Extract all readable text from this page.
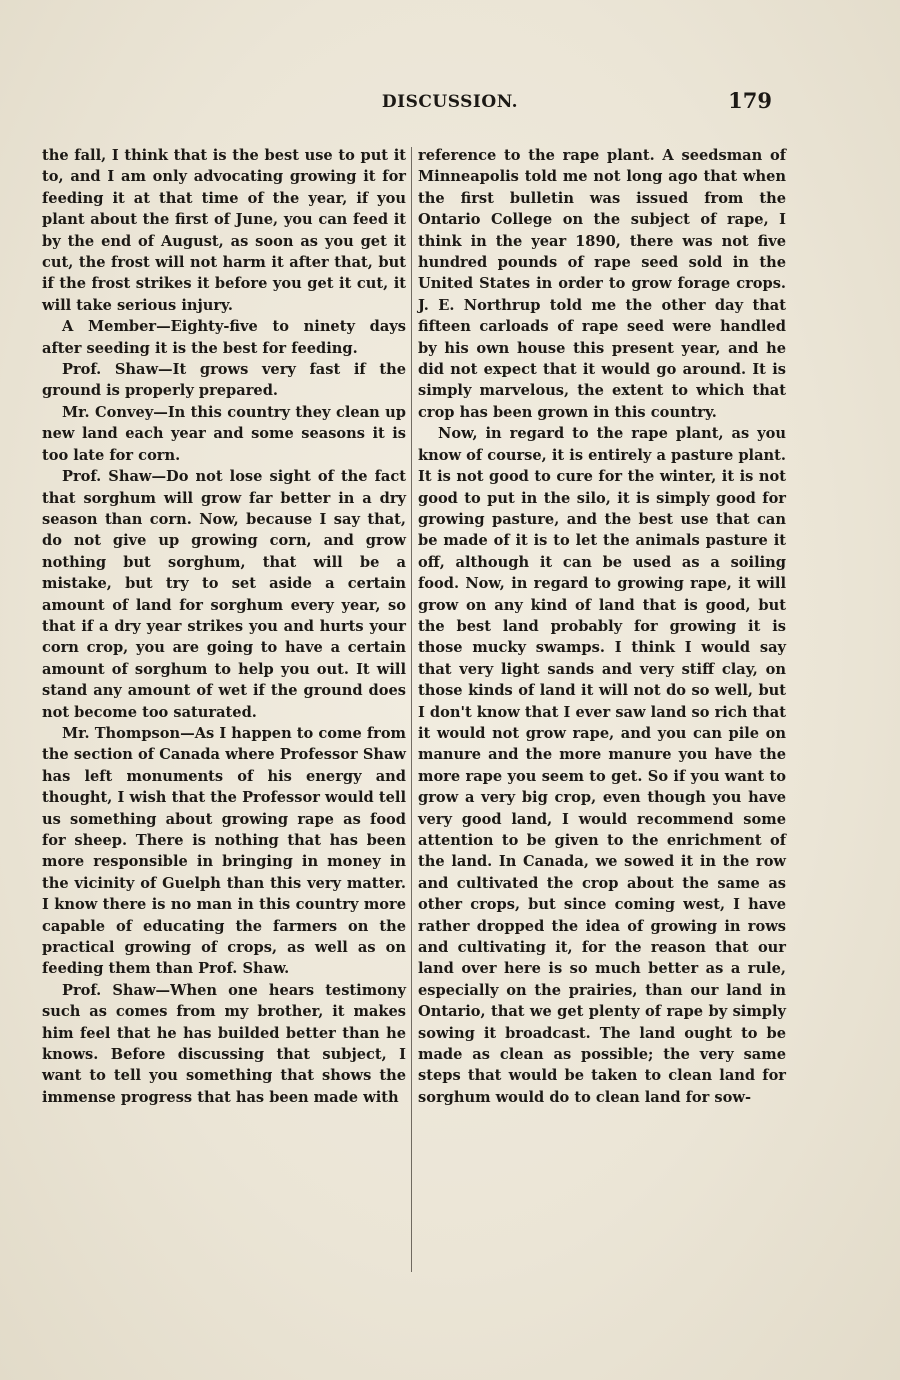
DISCUSSION.	179

the fall, I think that is the best use to put it to, and I am only advocating growing it for feeding it at that time of the year, if you plant about the first of June, you can feed it by the end of August, as soon as you get it cut, the frost will not harm it after that, but if the frost strikes it before you get it cut, it will take serious injury.

A Member—Eighty-five to ninety days after seeding it is the best for feeding.

Prof. Shaw—It grows very fast if the ground is properly prepared.

Mr. Convey—In this country they clean up new land each year and some seasons it is too late for corn.

Prof. Shaw—Do not lose sight of the fact that sorghum will grow far better in a dry season than corn. Now, because I say that, do not give up growing corn, and grow nothing but sorghum, that will be a mistake, but try to set aside a certain amount of land for sorghum every year, so that if a dry year strikes you and hurts your corn crop, you are going to have a certain amount of sorghum to help you out. It will stand any amount of wet if the ground does not become too saturated.

Mr. Thompson—As I happen to come from the section of Canada where Professor Shaw has left monuments of his energy and thought, I wish that the Professor would tell us something about growing rape as food for sheep. There is nothing that has been more responsible in bringing in money in the vicinity of Guelph than this very matter. I know there is no man in this country more capable of educating the farmers on the practical growing of crops, as well as on feeding them than Prof. Shaw.

Prof. Shaw—When one hears testimony such as comes from my brother, it makes him feel that he has builded better than he knows. Before discussing that subject, I want to tell you something that shows the immense progress that has been made with

reference to the rape plant. A seedsman of Minneapolis told me not long ago that when the first bulletin was issued from the Ontario College on the subject of rape, I think in the year 1890, there was not five hundred pounds of rape seed sold in the United States in order to grow forage crops. J. E. Northrup told me the other day that fifteen carloads of rape seed were handled by his own house this present year, and he did not expect that it would go around. It is simply marvelous, the extent to which that crop has been grown in this country.

Now, in regard to the rape plant, as you know of course, it is entirely a pasture plant. It is not good to cure for the winter, it is not good to put in the silo, it is simply good for growing pasture, and the best use that can be made of it is to let the animals pasture it off, although it can be used as a soiling food. Now, in regard to growing rape, it will grow on any kind of land that is good, but the best land probably for growing it is those mucky swamps. I think I would say that very light sands and very stiff clay, on those kinds of land it will not do so well, but I don't know that I ever saw land so rich that it would not grow rape, and you can pile on manure and the more manure you have the more rape you seem to get. So if you want to grow a very big crop, even though you have very good land, I would recommend some attention to be given to the enrichment of the land. In Canada, we sowed it in the row and cultivated the crop about the same as other crops, but since coming west, I have rather dropped the idea of growing in rows and cultivating it, for the reason that our land over here is so much better as a rule, especially on the prairies, than our land in Ontario, that we get plenty of rape by simply sowing it broadcast. The land ought to be made as clean as possible; the very same steps that would be taken to clean land for sorghum would do to clean land for sow-
